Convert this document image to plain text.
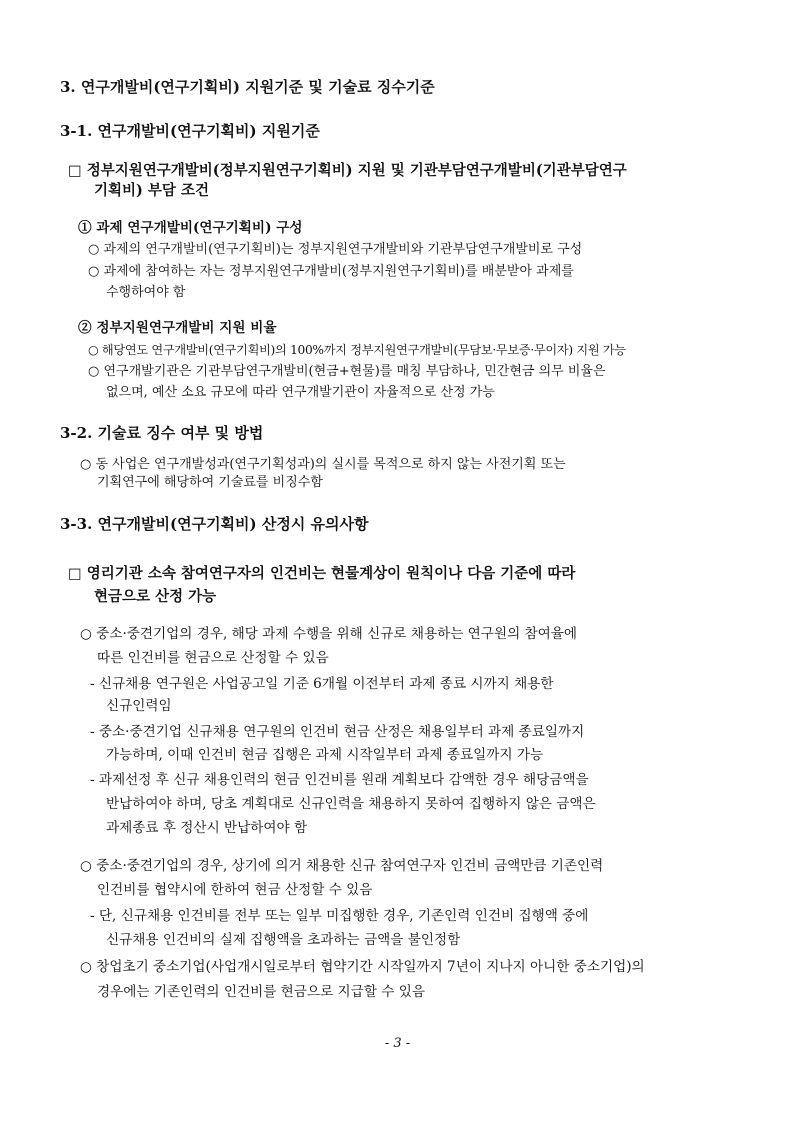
3. 연구개발비(연구기획비) 지원기준 및 기술료 징수기준
3-1. 연구개발비(연구기획비) 지원기준
□ 정부지원연구개발비(정부지원연구기획비) 지원 및 기관부담연구개발비(기관부담연구
기획비) 부담 조건
① 과제 연구개발비(연구기획비) 구성
○ 과제의 연구개발비(연구기획비)는 정부지원연구개발비와 기관부담연구개발비로 구성
○ 과제에 참여하는 자는 정부지원연구개발비(정부지원연구기획비)를 배분받아 과제를
수행하여야 함
② 정부지원연구개발비 지원 비율
○ 해당연도 연구개발비(연구기획비)의 100%까지 정부지원연구개발비(무담보·무보증·무이자) 지원 가능
○ 연구개발기관은 기관부담연구개발비(현금+현물)를 매칭 부담하나, 민간현금 의무 비율은
없으며, 예산 소요 규모에 따라 연구개발기관이 자율적으로 산정 가능
3-2. 기술료 징수 여부 및 방법
○ 동 사업은 연구개발성과(연구기획성과)의 실시를 목적으로 하지 않는 사전기획 또는
기획연구에 해당하여 기술료를 비징수함
3-3. 연구개발비(연구기획비) 산정시 유의사항
□ 영리기관 소속 참여연구자의 인건비는 현물계상이 원칙이나 다음 기준에 따라
현금으로 산정 가능
○ 중소·중견기업의 경우, 해당 과제 수행을 위해 신규로 채용하는 연구원의 참여율에
따른 인건비를 현금으로 산정할 수 있음
- 신규채용 연구원은 사업공고일 기준 6개월 이전부터 과제 종료 시까지 채용한
신규인력임
- 중소·중견기업 신규채용 연구원의 인건비 현금 산정은 채용일부터 과제 종료일까지
가능하며, 이때 인건비 현금 집행은 과제 시작일부터 과제 종료일까지 가능
- 과제선정 후 신규 채용인력의 현금 인건비를 원래 계획보다 감액한 경우 해당금액을
반납하여야 하며, 당초 계획대로 신규인력을 채용하지 못하여 집행하지 않은 금액은
과제종료 후 정산시 반납하여야 함
○ 중소·중견기업의 경우, 상기에 의거 채용한 신규 참여연구자 인건비 금액만큼 기존인력
인건비를 협약시에 한하여 현금 산정할 수 있음
- 단, 신규채용 인건비를 전부 또는 일부 미집행한 경우, 기존인력 인건비 집행액 중에
신규채용 인건비의 실제 집행액을 초과하는 금액을 불인정함
○ 창업초기 중소기업(사업개시일로부터 협약기간 시작일까지 7년이 지나지 아니한 중소기업)의
경우에는 기존인력의 인건비를 현금으로 지급할 수 있음
- 3 -
